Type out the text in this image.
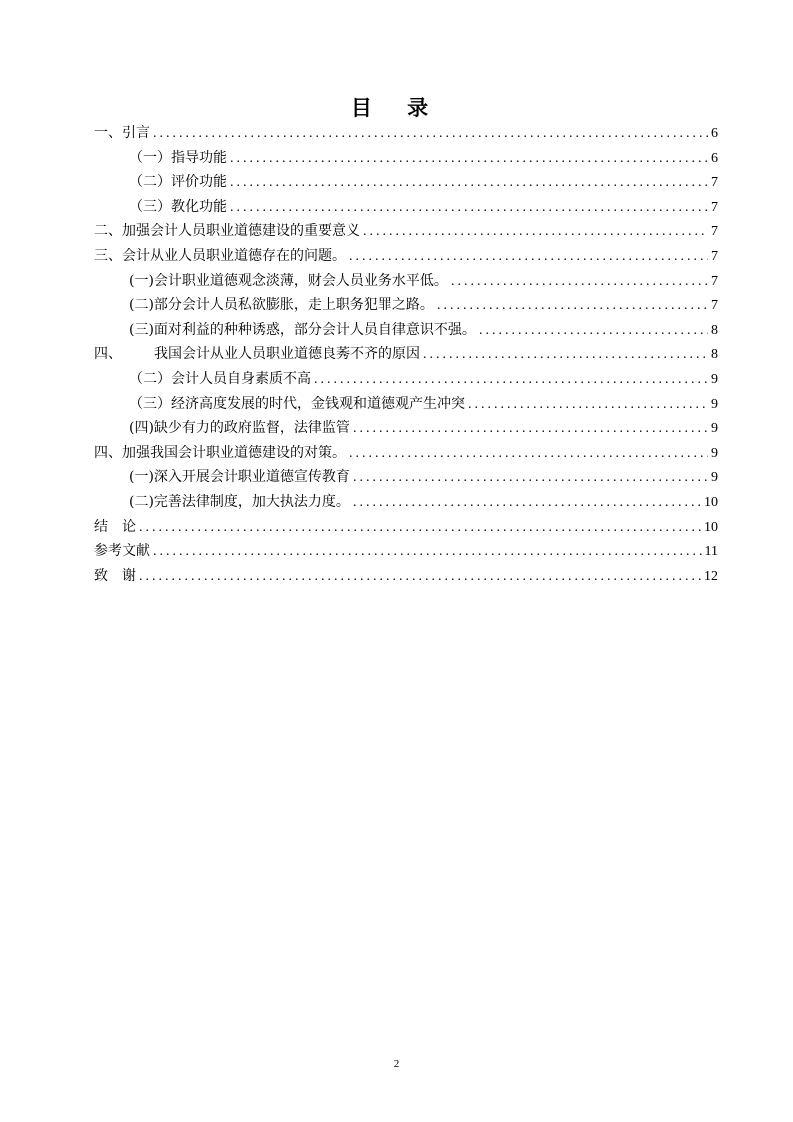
目 录
一、引言 .....	6
（一）指导功能 .....	6
（二）评价功能 .....	7
（三）教化功能 .....	7
二、加强会计人员职业道德建设的重要意义 .....	7
三、会计从业人员职业道德存在的问题。 .....	7
(一)会计职业道德观念淡薄，财会人员业务水平低。 .....	7
(二)部分会计人员私欲膨胀，走上职务犯罪之路。 .....	7
(三)面对利益的种种诱惑，部分会计人员自律意识不强。 .....	8
四、 我国会计从业人员职业道德良莠不齐的原因 .....	8
（二）会计人员自身素质不高 .....	9
（三）经济高度发展的时代，金钱观和道德观产生冲突 .....	9
(四)缺少有力的政府监督，法律监管 .....	9
四、加强我国会计职业道德建设的对策。 .....	9
(一)深入开展会计职业道德宣传教育 .....	9
(二)完善法律制度，加大执法力度。 .....	10
结 论 .....	10
参考文献 .....	11
致 谢 .....	12
2
